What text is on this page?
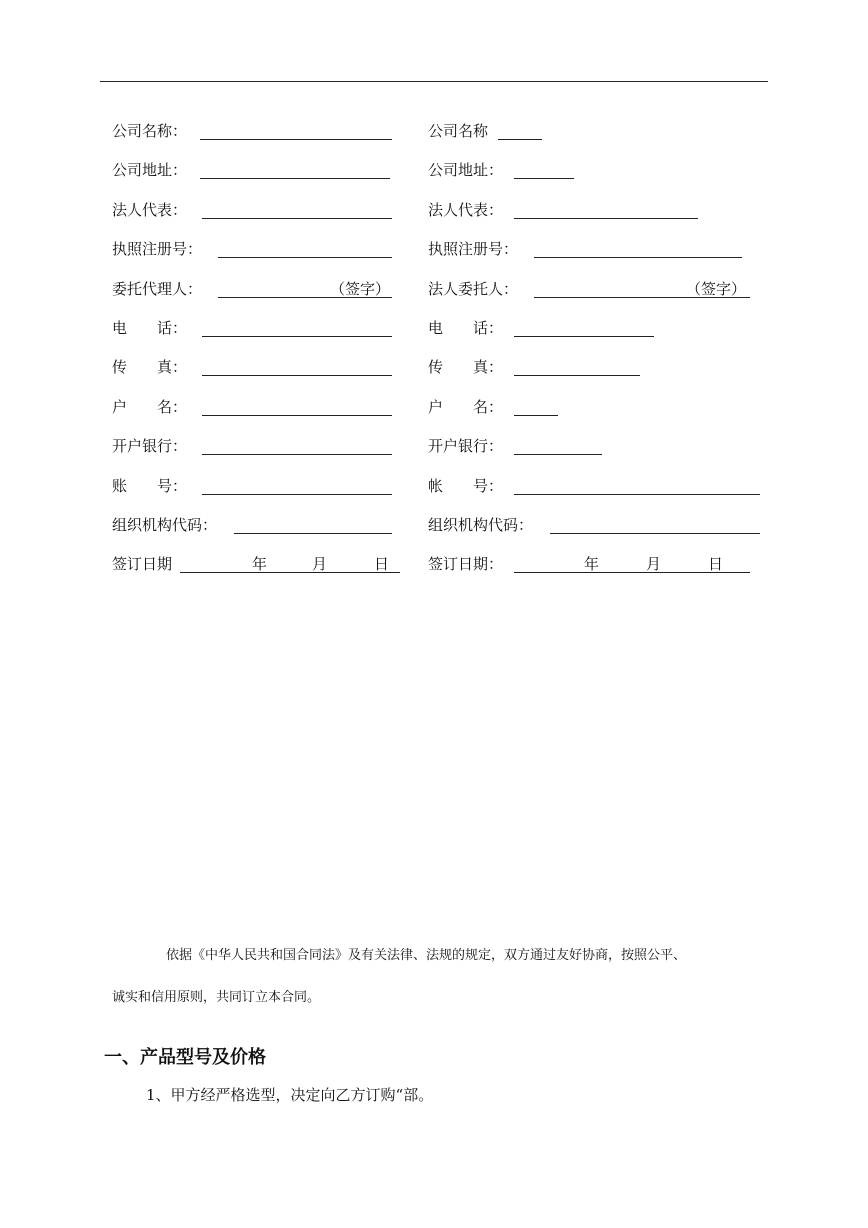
公司名称：
公司地址：
法人代表：
执照注册号：
委托代理人：	（签字）
电　　话：
传　　真：
户　　名：
开户银行：
账　　号：
组织机构代码：
签订日期	年	月	日
公司名称
公司地址：
法人代表：
执照注册号：
法人委托人：	（签字）
电　　话：
传　　真：
户　　名：
开户银行：
帐　　号：
组织机构代码：
签订日期：	年	月	日
依据《中华人民共和国合同法》及有关法律、法规的规定，双方通过友好协商，按照公平、
诚实和信用原则，共同订立本合同。
一、产品型号及价格
1、甲方经严格选型，决定向乙方订购“部。
